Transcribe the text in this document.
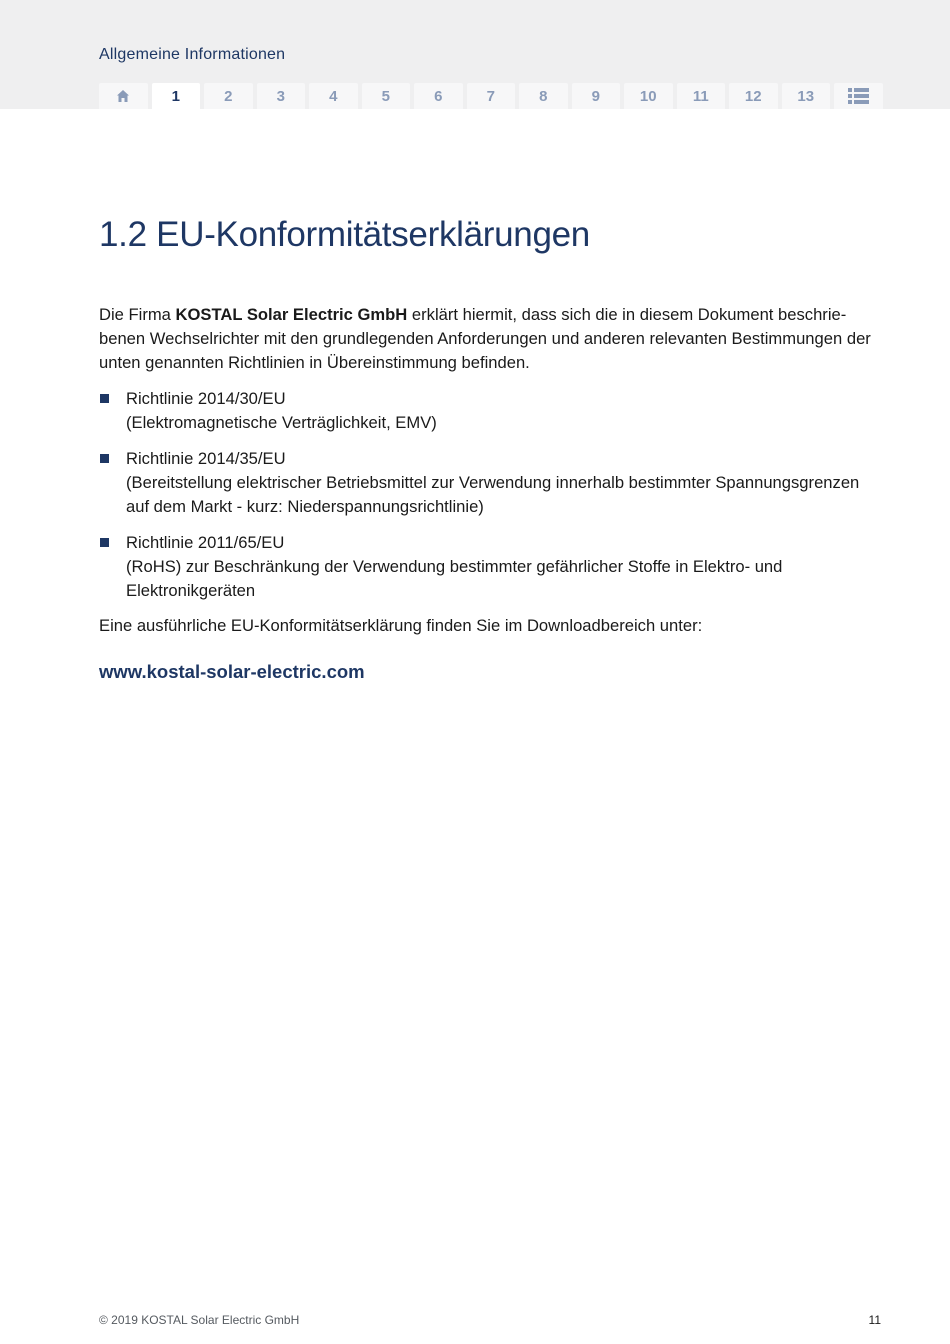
Allgemeine Informationen
1	2	3	4	5	6	7	8	9	10	11	12	13
1.2 EU-Konformitätserklärungen

Die Firma KOSTAL Solar Electric GmbH erklärt hiermit, dass sich die in diesem Dokument beschrie-benen Wechselrichter mit den grundlegenden Anforderungen und anderen relevanten Bestimmungen der unten genannten Richtlinien in Übereinstimmung befinden.

Richtlinie 2014/30/EU
(Elektromagnetische Verträglichkeit, EMV)
Richtlinie 2014/35/EU
(Bereitstellung elektrischer Betriebsmittel zur Verwendung innerhalb bestimmter Spannungsgrenzen auf dem Markt - kurz: Niederspannungsrichtlinie)
Richtlinie 2011/65/EU
(RoHS) zur Beschränkung der Verwendung bestimmter gefährlicher Stoffe in Elektro- und Elektronikgeräten

Eine ausführliche EU-Konformitätserklärung finden Sie im Downloadbereich unter:

www.kostal-solar-electric.com
© 2019 KOSTAL Solar Electric GmbH	11
